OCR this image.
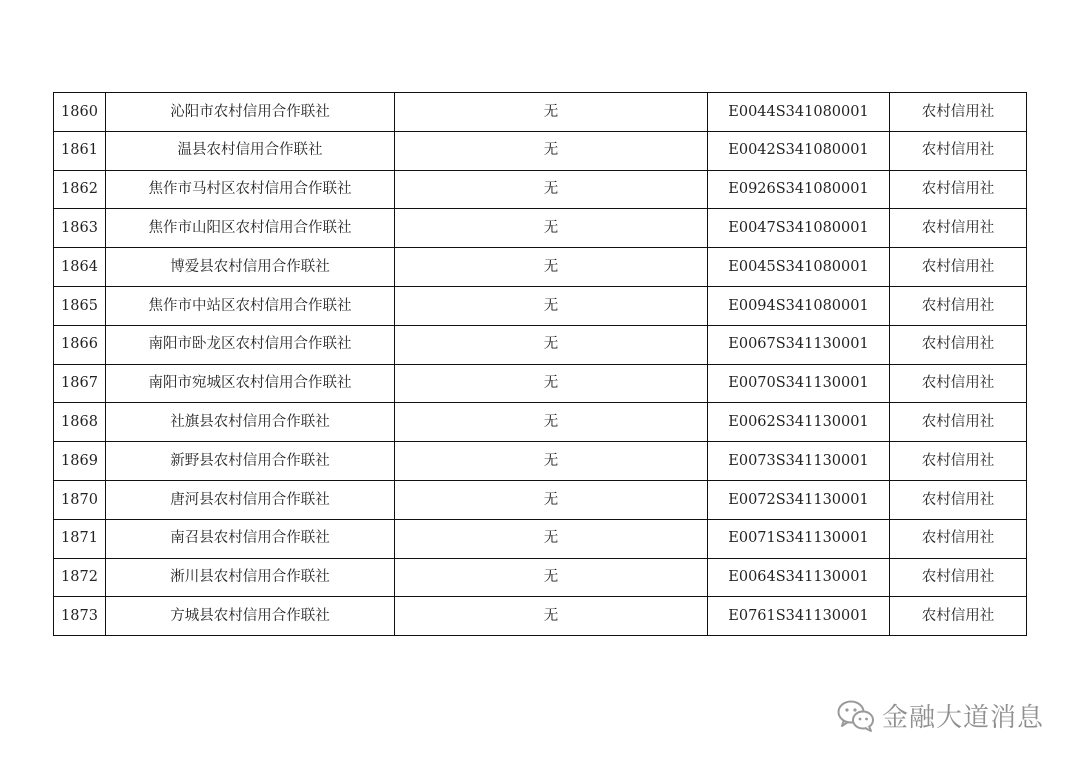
1860	沁阳市农村信用合作联社	无	E0044S341080001	农村信用社
1861	温县农村信用合作联社	无	E0042S341080001	农村信用社
1862	焦作市马村区农村信用合作联社	无	E0926S341080001	农村信用社
1863	焦作市山阳区农村信用合作联社	无	E0047S341080001	农村信用社
1864	博爱县农村信用合作联社	无	E0045S341080001	农村信用社
1865	焦作市中站区农村信用合作联社	无	E0094S341080001	农村信用社
1866	南阳市卧龙区农村信用合作联社	无	E0067S341130001	农村信用社
1867	南阳市宛城区农村信用合作联社	无	E0070S341130001	农村信用社
1868	社旗县农村信用合作联社	无	E0062S341130001	农村信用社
1869	新野县农村信用合作联社	无	E0073S341130001	农村信用社
1870	唐河县农村信用合作联社	无	E0072S341130001	农村信用社
1871	南召县农村信用合作联社	无	E0071S341130001	农村信用社
1872	淅川县农村信用合作联社	无	E0064S341130001	农村信用社
1873	方城县农村信用合作联社	无	E0761S341130001	农村信用社
金融大道消息
